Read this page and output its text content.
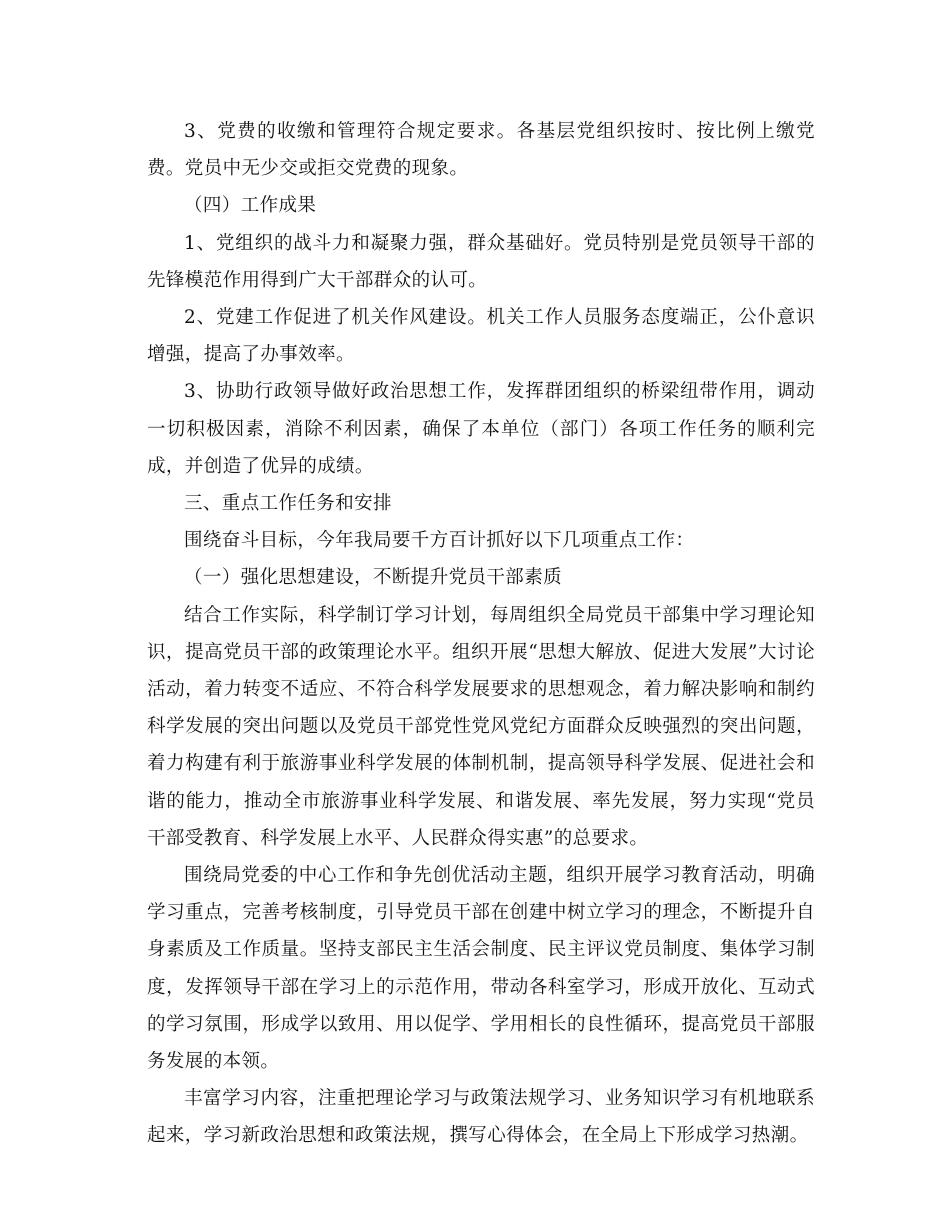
3、党费的收缴和管理符合规定要求。各基层党组织按时、按比例上缴党费。党员中无少交或拒交党费的现象。

（四）工作成果

1、党组织的战斗力和凝聚力强，群众基础好。党员特别是党员领导干部的先锋模范作用得到广大干部群众的认可。

2、党建工作促进了机关作风建设。机关工作人员服务态度端正，公仆意识增强，提高了办事效率。

3、协助行政领导做好政治思想工作，发挥群团组织的桥梁纽带作用，调动一切积极因素，消除不利因素，确保了本单位（部门）各项工作任务的顺利完成，并创造了优异的成绩。

三、重点工作任务和安排

围绕奋斗目标，今年我局要千方百计抓好以下几项重点工作：

（一）强化思想建设，不断提升党员干部素质

结合工作实际，科学制订学习计划，每周组织全局党员干部集中学习理论知识，提高党员干部的政策理论水平。组织开展“思想大解放、促进大发展”大讨论活动，着力转变不适应、不符合科学发展要求的思想观念，着力解决影响和制约科学发展的突出问题以及党员干部党性党风党纪方面群众反映强烈的突出问题，着力构建有利于旅游事业科学发展的体制机制，提高领导科学发展、促进社会和谐的能力，推动全市旅游事业科学发展、和谐发展、率先发展，努力实现“党员干部受教育、科学发展上水平、人民群众得实惠”的总要求。

围绕局党委的中心工作和争先创优活动主题，组织开展学习教育活动，明确学习重点，完善考核制度，引导党员干部在创建中树立学习的理念，不断提升自身素质及工作质量。坚持支部民主生活会制度、民主评议党员制度、集体学习制度，发挥领导干部在学习上的示范作用，带动各科室学习，形成开放化、互动式的学习氛围，形成学以致用、用以促学、学用相长的良性循环，提高党员干部服务发展的本领。

丰富学习内容，注重把理论学习与政策法规学习、业务知识学习有机地联系起来，学习新政治思想和政策法规，撰写心得体会，在全局上下形成学习热潮。
